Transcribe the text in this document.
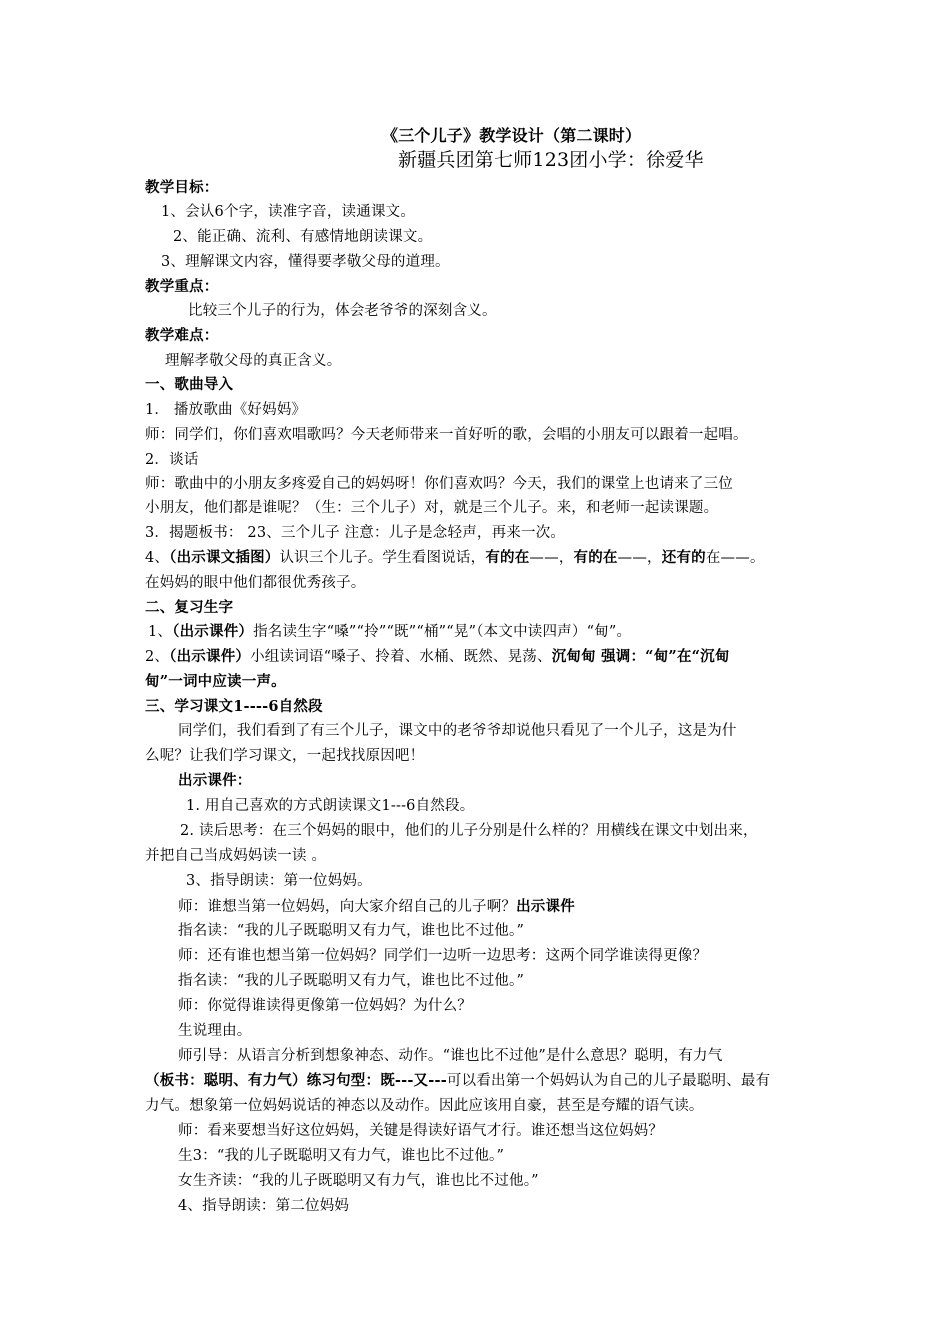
《三个儿子》教学设计（第二课时）
新疆兵团第七师123团小学：徐爱华
教学目标：
1、会认6个字，读准字音，读通课文。
2、能正确、流利、有感情地朗读课文。
3、理解课文内容，懂得要孝敬父母的道理。
教学重点：
比较三个儿子的行为，体会老爷爷的深刻含义。
教学难点：
理解孝敬父母的真正含义。
一、歌曲导入
1． 播放歌曲《好妈妈》
师：同学们，你们喜欢唱歌吗？今天老师带来一首好听的歌，会唱的小朋友可以跟着一起唱。
2．谈话
师：歌曲中的小朋友多疼爱自己的妈妈呀！你们喜欢吗？今天，我们的课堂上也请来了三位
小朋友，他们都是谁呢？（生：三个儿子）对，就是三个儿子。来，和老师一起读课题。
3．揭题板书： 23、三个儿子 注意：儿子是念轻声，再来一次。
4、（出示课文插图）认识三个儿子。学生看图说话，有的在——，有的在——，还有的在——。
在妈妈的眼中他们都很优秀孩子。
二、复习生字
1、（出示课件）指名读生字“嗓”“拎”“既”“桶”“晃”（本文中读四声）“甸”。
2、（出示课件）小组读词语“嗓子、拎着、水桶、既然、晃荡、沉甸甸 强调：“甸”在“沉甸
甸”一词中应读一声。
三、学习课文1----6自然段
同学们，我们看到了有三个儿子，课文中的老爷爷却说他只看见了一个儿子，这是为什
么呢？让我们学习课文，一起找找原因吧！
出示课件：
1. 用自己喜欢的方式朗读课文1---6自然段。
2. 读后思考：在三个妈妈的眼中，他们的儿子分别是什么样的？用横线在课文中划出来，
并把自己当成妈妈读一读 。
3、指导朗读：第一位妈妈。
师：谁想当第一位妈妈，向大家介绍自己的儿子啊？出示课件
指名读：“我的儿子既聪明又有力气，谁也比不过他。”
师：还有谁也想当第一位妈妈？同学们一边听一边思考：这两个同学谁读得更像？
指名读：“我的儿子既聪明又有力气，谁也比不过他。”
师：你觉得谁读得更像第一位妈妈？为什么？
生说理由。
师引导：从语言分析到想象神态、动作。“谁也比不过他”是什么意思？聪明，有力气
（板书：聪明、有力气）练习句型：既---又---可以看出第一个妈妈认为自己的儿子最聪明、最有
力气。想象第一位妈妈说话的神态以及动作。因此应该用自豪，甚至是夸耀的语气读。
师：看来要想当好这位妈妈，关键是得读好语气才行。谁还想当这位妈妈？
生3：“我的儿子既聪明又有力气，谁也比不过他。”
女生齐读：“我的儿子既聪明又有力气，谁也比不过他。”
4、指导朗读：第二位妈妈
